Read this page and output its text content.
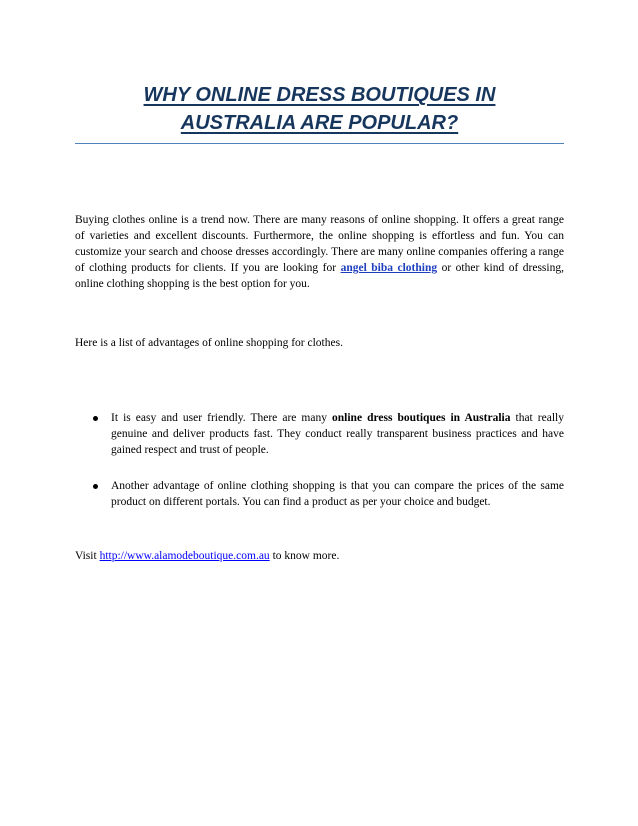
WHY ONLINE DRESS BOUTIQUES IN
AUSTRALIA ARE POPULAR?

Buying clothes online is a trend now. There are many reasons of online shopping. It offers a great range of varieties and excellent discounts. Furthermore, the online shopping is effortless and fun. You can customize your search and choose dresses accordingly. There are many online companies offering a range of clothing products for clients. If you are looking for angel biba clothing or other kind of dressing, online clothing shopping is the best option for you.

Here is a list of advantages of online shopping for clothes.

It is easy and user friendly. There are many online dress boutiques in Australia that really genuine and deliver products fast. They conduct really transparent business practices and have gained respect and trust of people.

Another advantage of online clothing shopping is that you can compare the prices of the same product on different portals. You can find a product as per your choice and budget.

Visit http://www.alamodeboutique.com.au to know more.
